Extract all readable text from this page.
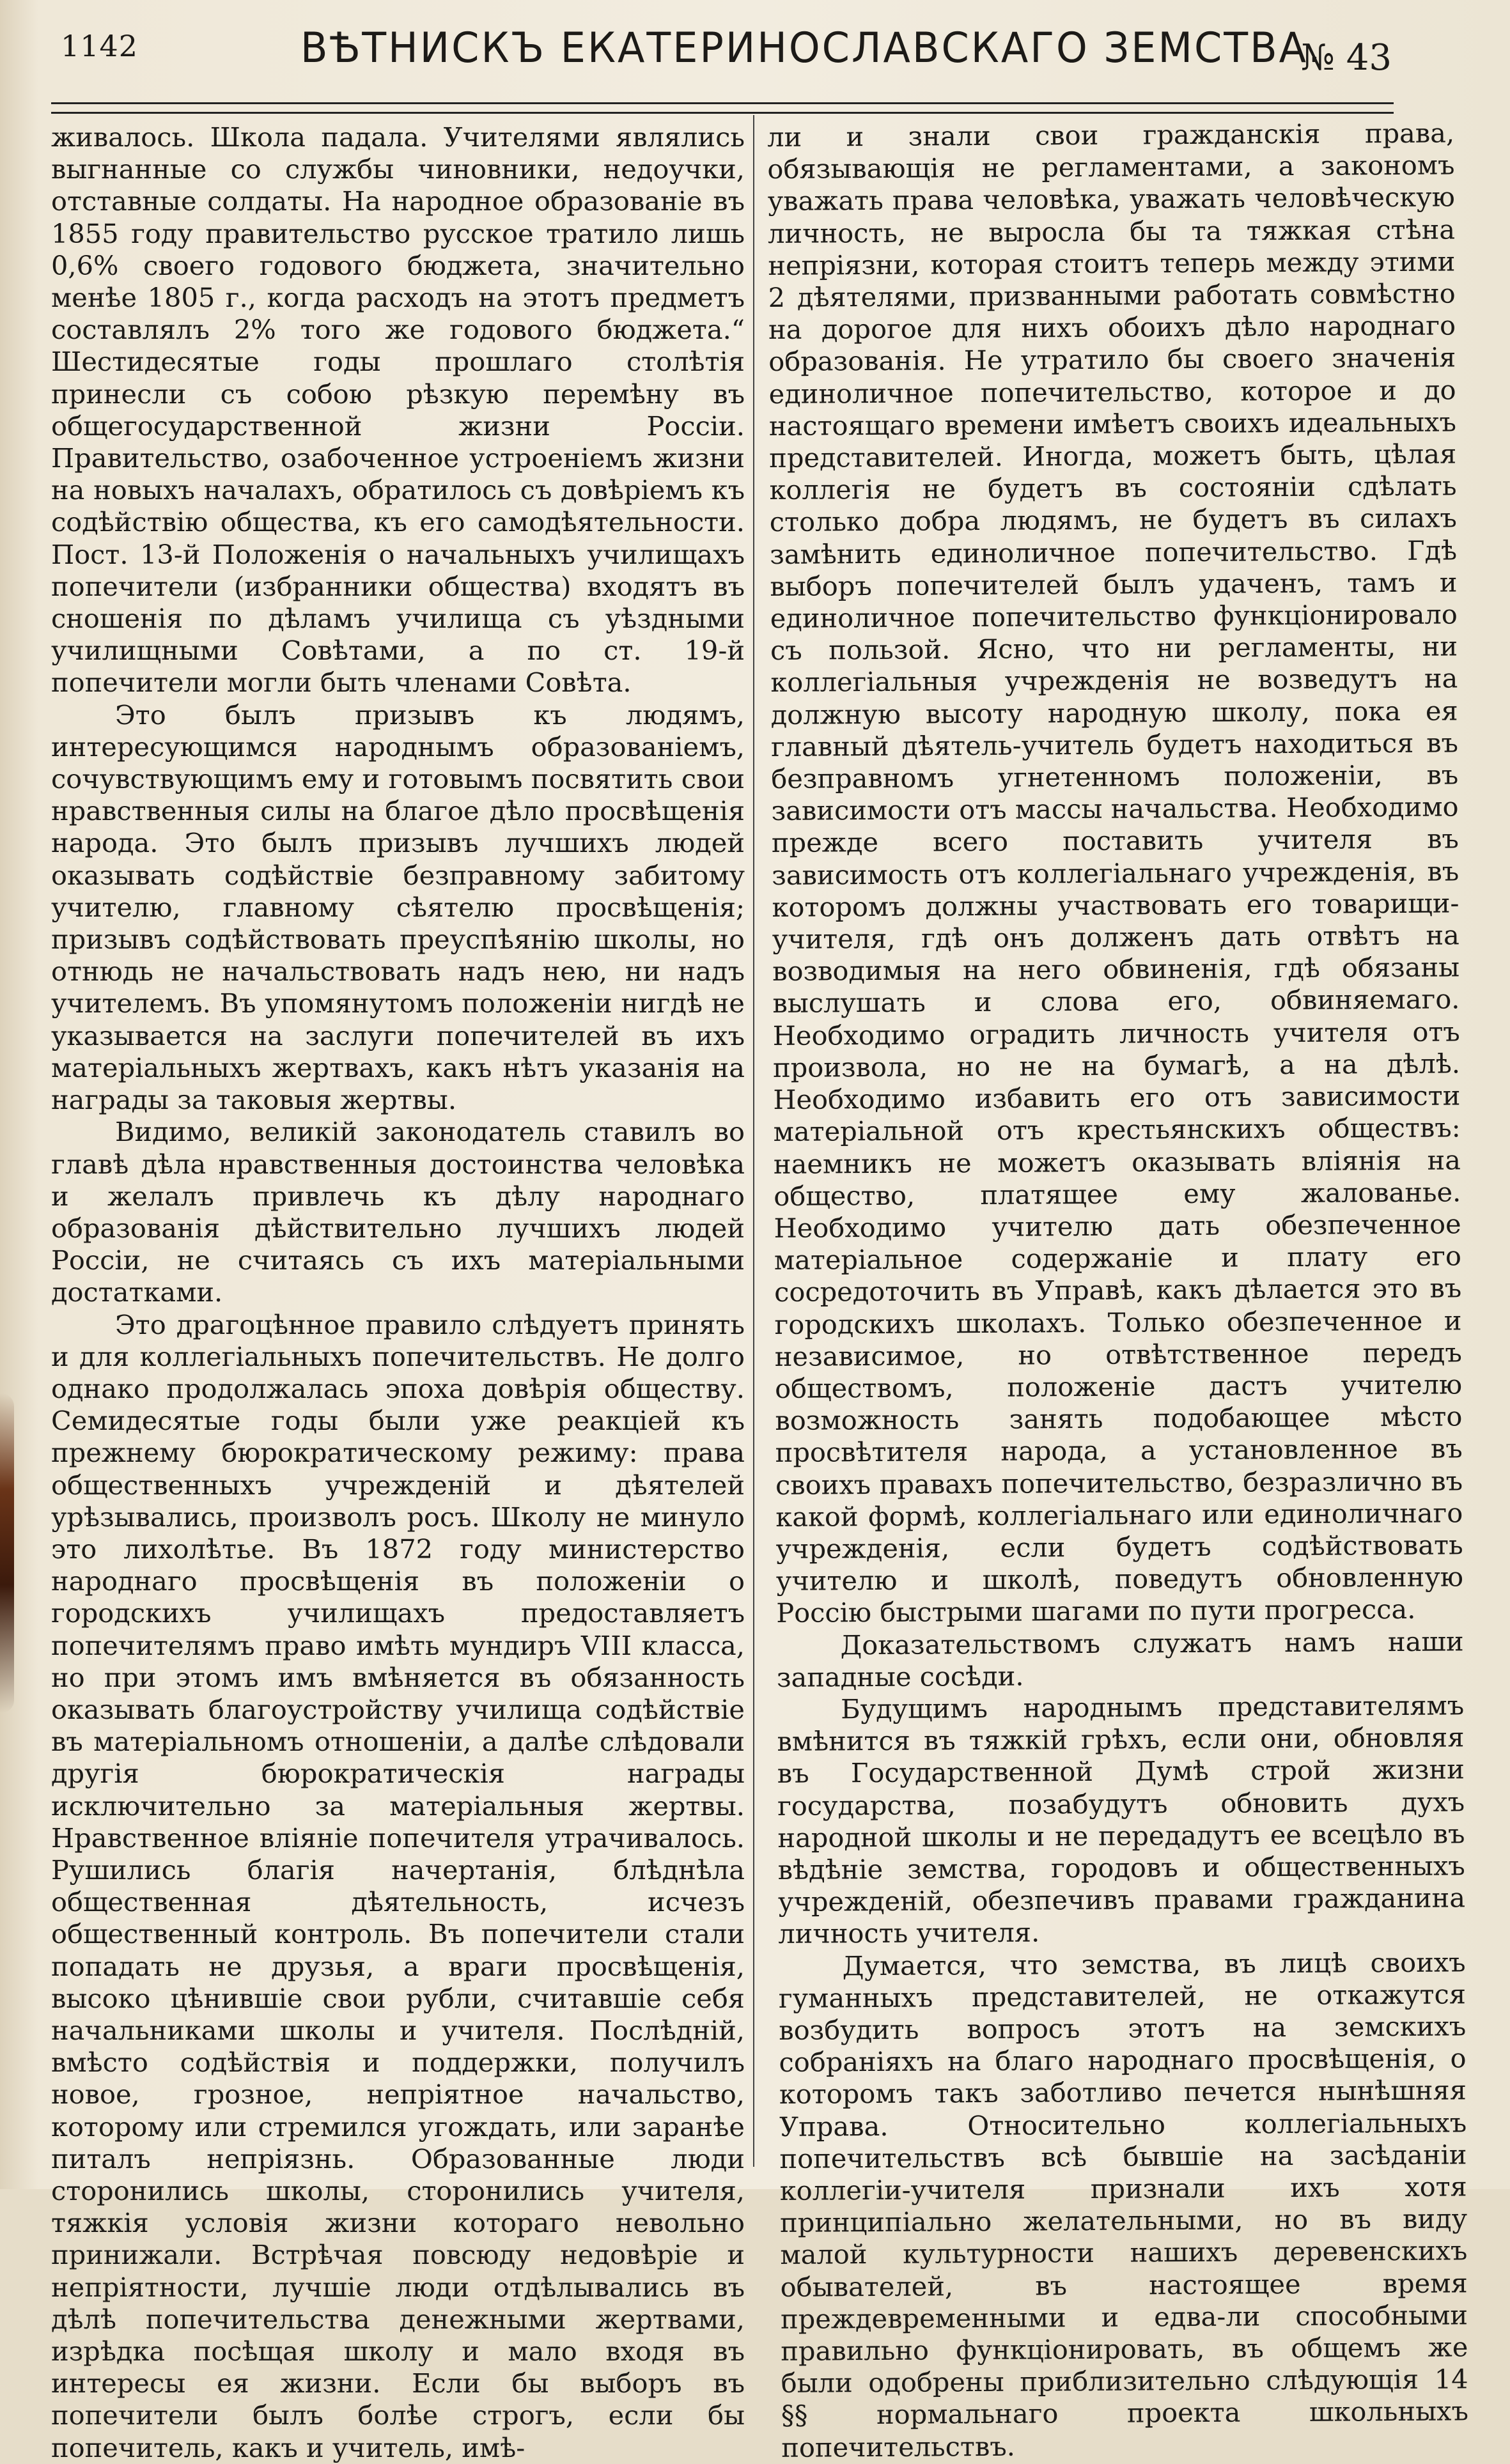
1142	ВѢТНИСКЪ ЕКАТЕРИНОСЛАВСКАГО ЗЕМСТВА.
№ 43

живалось. Школа падала. Учителями являлись выгнанные со службы чиновники, недоучки, отставные солдаты. На народное образованіе въ 1855 году правительство русское тратило лишь 0,6% своего годового бюджета, значительно менѣе 1805 г., когда расходъ на этотъ предметъ составлялъ 2% того же годового бюджета.“ Шестидесятые годы прошлаго столѣтія принесли съ собою рѣзкую перемѣну въ общегосударственной жизни Россіи. Правительство, озабоченное устроеніемъ жизни на новыхъ началахъ, обратилось съ довѣріемъ къ содѣйствію общества, къ его самодѣятельности. Пост. 13-й Положенія о начальныхъ училищахъ попечители (избранники общества) входятъ въ сношенія по дѣламъ училища съ уѣздными училищными Совѣтами, а по ст. 19-й попечители могли быть членами Совѣта.

Это былъ призывъ къ людямъ, интересующимся народнымъ образованіемъ, сочувствующимъ ему и готовымъ посвятить свои нравственныя силы на благое дѣло просвѣщенія народа. Это былъ призывъ лучшихъ людей оказывать содѣйствіе безправному забитому учителю, главному сѣятелю просвѣщенія; призывъ содѣйствовать преуспѣянію школы, но отнюдь не начальствовать надъ нею, ни надъ учителемъ. Въ упомянутомъ положеніи нигдѣ не указывается на заслуги попечителей въ ихъ матеріальныхъ жертвахъ, какъ нѣтъ указанія на награды за таковыя жертвы.

Видимо, великій законодатель ставилъ во главѣ дѣла нравственныя достоинства человѣка и желалъ привлечь къ дѣлу народнаго образованія дѣйствительно лучшихъ людей Россіи, не считаясь съ ихъ матеріальными достатками.

Это драгоцѣнное правило слѣдуетъ принять и для коллегіальныхъ попечительствъ. Не долго однако продолжалась эпоха довѣрія обществу. Семидесятые годы были уже реакціей къ прежнему бюрократическому режиму: права общественныхъ учрежденій и дѣятелей урѣзывались, произволъ росъ. Школу не минуло это лихолѣтье. Въ 1872 году министерство народнаго просвѣщенія въ положеніи о городскихъ училищахъ предоставляетъ попечителямъ право имѣть мундиръ VIII класса, но при этомъ имъ вмѣняется въ обязанность оказывать благоустройству училища содѣйствіе въ матеріальномъ отношеніи, а далѣе слѣдовали другія бюрократическія награды исключительно за матеріальныя жертвы. Нравственное вліяніе попечителя утрачивалось. Рушились благія начертанія, блѣднѣла общественная дѣятельность, исчезъ общественный контроль. Въ попечители стали попадать не друзья, а враги просвѣщенія, высоко цѣнившіе свои рубли, считавшіе себя начальниками школы и учителя. Послѣдній, вмѣсто содѣйствія и поддержки, получилъ новое, грозное, непріятное начальство, которому или стремился угождать, или заранѣе питалъ непріязнь. Образованные люди сторонились школы, сторонились учителя, тяжкія условія жизни котораго невольно принижали. Встрѣчая повсюду недовѣріе и непріятности, лучшіе люди отдѣлывались въ дѣлѣ попечительства денежными жертвами, изрѣдка посѣщая школу и мало входя въ интересы ея жизни. Если бы выборъ въ попечители былъ болѣе строгъ, если бы попечитель, какъ и учитель, имѣ-

ли и знали свои гражданскія права, обязывающія не регламентами, а закономъ уважать права человѣка, уважать человѣческую личность, не выросла бы та тяжкая стѣна непріязни, которая стоитъ теперь между этими 2 дѣятелями, призванными работать совмѣстно на дорогое для нихъ обоихъ дѣло народнаго образованія. Не утратило бы своего значенія единоличное попечительство, которое и до настоящаго времени имѣетъ своихъ идеальныхъ представителей. Иногда, можетъ быть, цѣлая коллегія не будетъ въ состояніи сдѣлать столько добра людямъ, не будетъ въ силахъ замѣнить единоличное попечительство. Гдѣ выборъ попечителей былъ удаченъ, тамъ и единоличное попечительство функціонировало съ пользой. Ясно, что ни регламенты, ни коллегіальныя учрежденія не возведутъ на должную высоту народную школу, пока ея главный дѣятель-учитель будетъ находиться въ безправномъ угнетенномъ положеніи, въ зависимости отъ массы начальства. Необходимо прежде всего поставить учителя въ зависимость отъ коллегіальнаго учрежденія, въ которомъ должны участвовать его товарищи-учителя, гдѣ онъ долженъ дать отвѣтъ на возводимыя на него обвиненія, гдѣ обязаны выслушать и слова его, обвиняемаго. Необходимо оградить личность учителя отъ произвола, но не на бумагѣ, а на дѣлѣ. Необходимо избавить его отъ зависимости матеріальной отъ крестьянскихъ обществъ: наемникъ не можетъ оказывать вліянія на общество, платящее ему жалованье. Необходимо учителю дать обезпеченное матеріальное содержаніе и плату его сосредоточить въ Управѣ, какъ дѣлается это въ городскихъ школахъ. Только обезпеченное и независимое, но отвѣтственное передъ обществомъ, положеніе дастъ учителю возможность занять подобающее мѣсто просвѣтителя народа, а установленное въ своихъ правахъ попечительство, безразлично въ какой формѣ, коллегіальнаго или единоличнаго учрежденія, если будетъ содѣйствовать учителю и школѣ, поведутъ обновленную Россію быстрыми шагами по пути прогресса.

Доказательствомъ служатъ намъ наши западные сосѣди.

Будущимъ народнымъ представителямъ вмѣнится въ тяжкій грѣхъ, если они, обновляя въ Государственной Думѣ строй жизни государства, позабудутъ обновить духъ народной школы и не передадутъ ее всецѣло въ вѣдѣніе земства, городовъ и общественныхъ учрежденій, обезпечивъ правами гражданина личность учителя.

Думается, что земства, въ лицѣ своихъ гуманныхъ представителей, не откажутся возбудить вопросъ этотъ на земскихъ собраніяхъ на благо народнаго просвѣщенія, о которомъ такъ заботливо печется нынѣшняя Управа. Относительно коллегіальныхъ попечительствъ всѣ бывшіе на засѣданіи коллегіи-учителя признали ихъ хотя принципіально желательными, но въ виду малой культурности нашихъ деревенскихъ обывателей, въ настоящее время преждевременными и едва-ли способными правильно функціонировать, въ общемъ же были одобрены приблизительно слѣдующія 14 §§ нормальнаго проекта школьныхъ попечительствъ.
